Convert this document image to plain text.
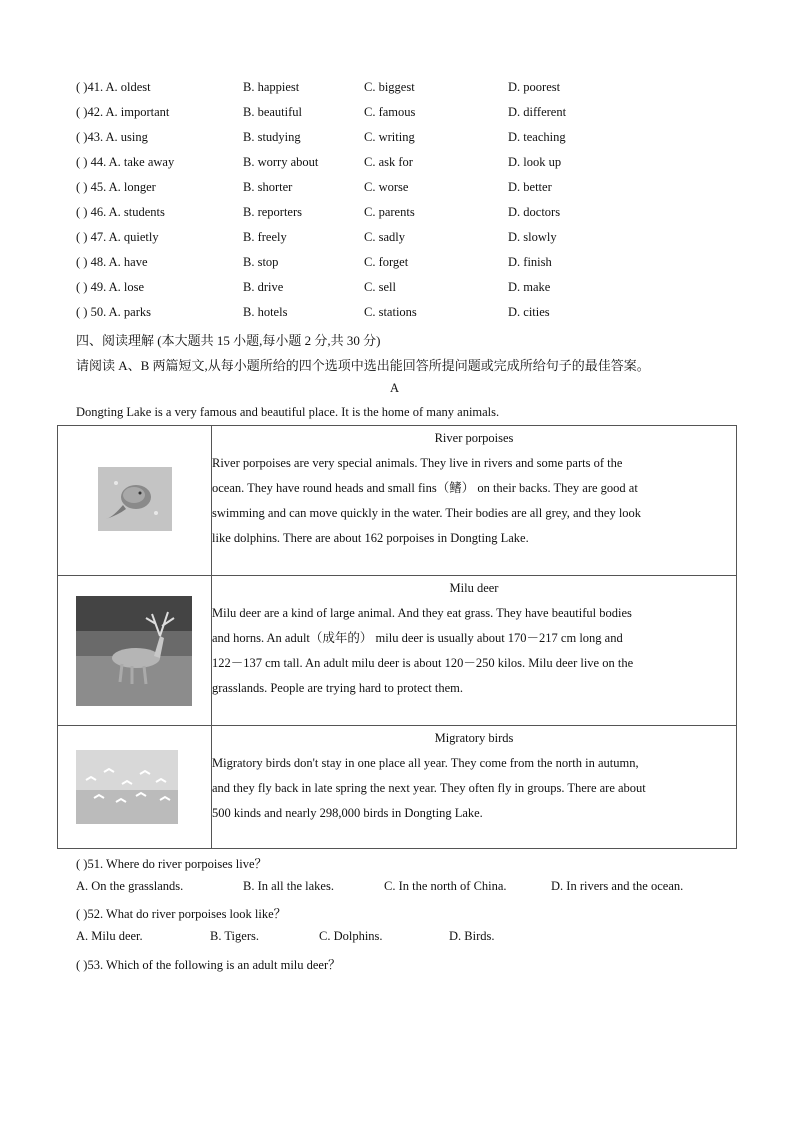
( )41. A. oldest	B. happiest	C. biggest	D. poorest
( )42. A. important	B. beautiful	C. famous	D. different
( )43. A. using	B. studying	C. writing	D. teaching
( ) 44. A. take away	B. worry about	C. ask for	D. look up
( ) 45. A. longer	B. shorter	C. worse	D. better
( ) 46. A. students	B. reporters	C. parents	D. doctors
( ) 47. A. quietly	B. freely	C. sadly	D. slowly
( ) 48. A. have	B. stop	C. forget	D. finish
( ) 49. A. lose	B. drive	C. sell	D. make
( ) 50. A. parks	B. hotels	C. stations	D. cities
四、阅读理解 (本大题共 15 小题,每小题 2 分,共 30 分)
请阅读 A、B 两篇短文,从每小题所给的四个选项中选出能回答所提问题或完成所给句子的最佳答案。
A
Dongting Lake is a very famous and beautiful place. It is the home of many animals.

River porpoises
River porpoises are very special animals. They live in rivers and some parts of the
ocean. They have round heads and small fins（鳍） on their backs. They are good at
swimming and can move quickly in the water. Their bodies are all grey, and they look
like dolphins. There are about 162 porpoises in Dongting Lake.

Milu deer
Milu deer are a kind of large animal. And they eat grass. They have beautiful bodies
and horns. An adult（成年的） milu deer is usually about 170－217 cm long and
122－137 cm tall. An adult milu deer is about 120－250 kilos. Milu deer live on the
grasslands. People are trying hard to protect them.

Migratory birds
Migratory birds don't stay in one place all year. They come from the north in autumn,
and they fly back in late spring the next year. They often fly in groups. There are about
500 kinds and nearly 298,000 birds in Dongting Lake.
( )51. Where do river porpoises live？
A. On the grasslands.	B. In all the lakes.	C. In the north of China.	D. In rivers and the ocean.
( )52. What do river porpoises look like？
A. Milu deer.	B. Tigers.	C. Dolphins.	D. Birds.
( )53. Which of the following is an adult milu deer？
